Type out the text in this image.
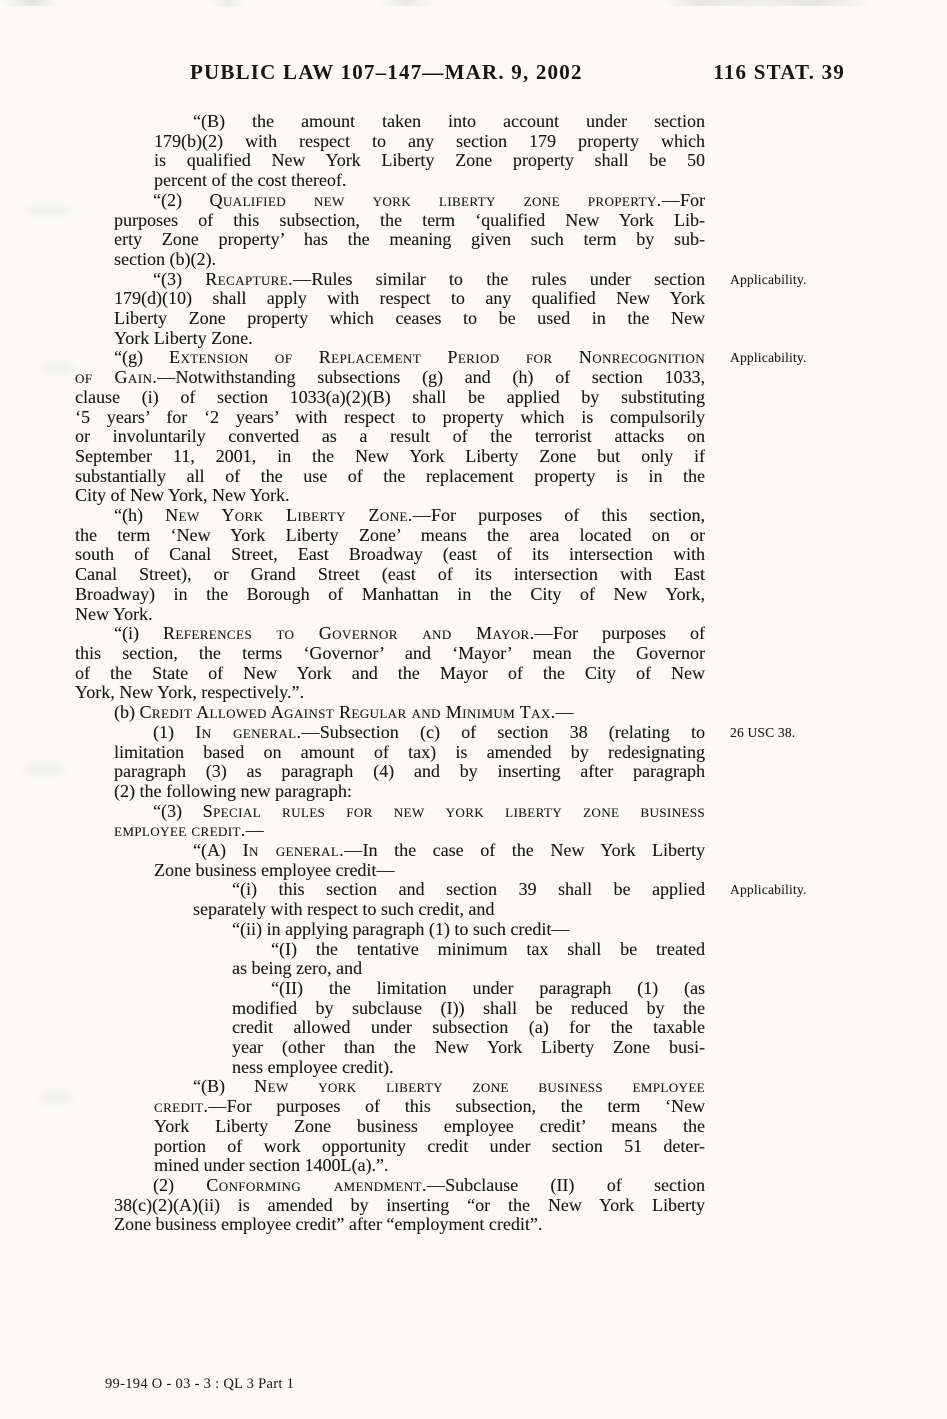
PUBLIC LAW 107–147—MAR. 9, 2002	116 STAT. 39
“(B) the amount taken into account under section
179(b)(2) with respect to any section 179 property which
is qualified New York Liberty Zone property shall be 50
percent of the cost thereof.
“(2) Qualified new york liberty zone property.—For
purposes of this subsection, the term ‘qualified New York Lib-
erty Zone property’ has the meaning given such term by sub-
section (b)(2).
“(3) Recapture.—Rules similar to the rules under section
179(d)(10) shall apply with respect to any qualified New York
Liberty Zone property which ceases to be used in the New
York Liberty Zone.
Applicability.
“(g) Extension of Replacement Period for Nonrecognition
of Gain.—Notwithstanding subsections (g) and (h) of section 1033,
clause (i) of section 1033(a)(2)(B) shall be applied by substituting
‘5 years’ for ‘2 years’ with respect to property which is compulsorily
or involuntarily converted as a result of the terrorist attacks on
September 11, 2001, in the New York Liberty Zone but only if
substantially all of the use of the replacement property is in the
City of New York, New York.
Applicability.
“(h) New York Liberty Zone.—For purposes of this section,
the term ‘New York Liberty Zone’ means the area located on or
south of Canal Street, East Broadway (east of its intersection with
Canal Street), or Grand Street (east of its intersection with East
Broadway) in the Borough of Manhattan in the City of New York,
New York.
“(i) References to Governor and Mayor.—For purposes of
this section, the terms ‘Governor’ and ‘Mayor’ mean the Governor
of the State of New York and the Mayor of the City of New
York, New York, respectively.”.
(b) Credit Allowed Against Regular and Minimum Tax.—
(1) In general.—Subsection (c) of section 38 (relating to
limitation based on amount of tax) is amended by redesignating
paragraph (3) as paragraph (4) and by inserting after paragraph
(2) the following new paragraph:
26 USC 38.
“(3) Special rules for new york liberty zone business
employee credit.—
“(A) In general.—In the case of the New York Liberty
Zone business employee credit—
“(i) this section and section 39 shall be applied
separately with respect to such credit, and
Applicability.
“(ii) in applying paragraph (1) to such credit—
“(I) the tentative minimum tax shall be treated
as being zero, and
“(II) the limitation under paragraph (1) (as
modified by subclause (I)) shall be reduced by the
credit allowed under subsection (a) for the taxable
year (other than the New York Liberty Zone busi-
ness employee credit).
“(B) New york liberty zone business employee
credit.—For purposes of this subsection, the term ‘New
York Liberty Zone business employee credit’ means the
portion of work opportunity credit under section 51 deter-
mined under section 1400L(a).”.
(2) Conforming amendment.—Subclause (II) of section
38(c)(2)(A)(ii) is amended by inserting “or the New York Liberty
Zone business employee credit” after “employment credit”.
99-194 O - 03 - 3 : QL 3 Part 1
